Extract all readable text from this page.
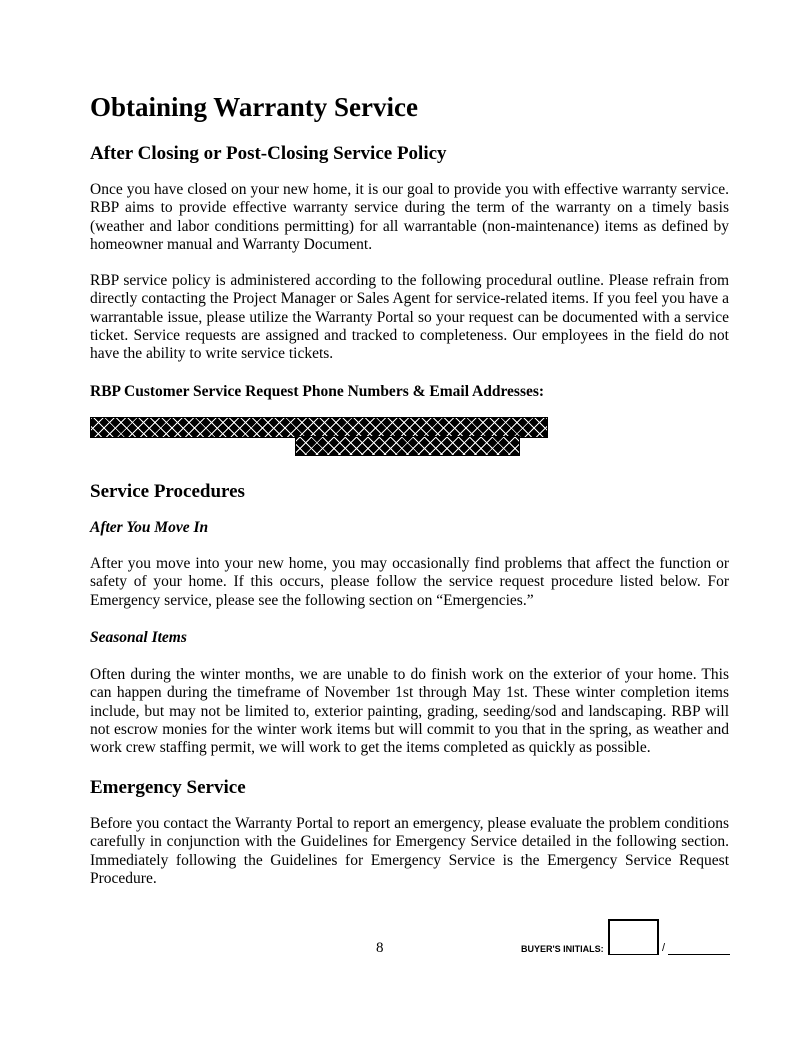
Obtaining Warranty Service
After Closing or Post-Closing Service Policy

Once you have closed on your new home, it is our goal to provide you with effective warranty service. RBP aims to provide effective warranty service during the term of the warranty on a timely basis (weather and labor conditions permitting) for all warrantable (non-maintenance) items as defined by homeowner manual and Warranty Document.

RBP service policy is administered according to the following procedural outline. Please refrain from directly contacting the Project Manager or Sales Agent for service-related items. If you feel you have a warrantable issue, please utilize the Warranty Portal so your request can be documented with a service ticket. Service requests are assigned and tracked to completeness. Our employees in the field do not have the ability to write service tickets.

RBP Customer Service Request Phone Numbers & Email Addresses:

Service Procedures

After You Move In

After you move into your new home, you may occasionally find problems that affect the function or safety of your home. If this occurs, please follow the service request procedure listed below. For Emergency service, please see the following section on “Emergencies.”

Seasonal Items

Often during the winter months, we are unable to do finish work on the exterior of your home. This can happen during the timeframe of November 1st through May 1st. These winter completion items include, but may not be limited to, exterior painting, grading, seeding/sod and landscaping. RBP will not escrow monies for the winter work items but will commit to you that in the spring, as weather and work crew staffing permit, we will work to get the items completed as quickly as possible.

Emergency Service

Before you contact the Warranty Portal to report an emergency, please evaluate the problem conditions carefully in conjunction with the Guidelines for Emergency Service detailed in the following section. Immediately following the Guidelines for Emergency Service is the Emergency Service Request Procedure.

8	BUYER'S INITIALS:	/
